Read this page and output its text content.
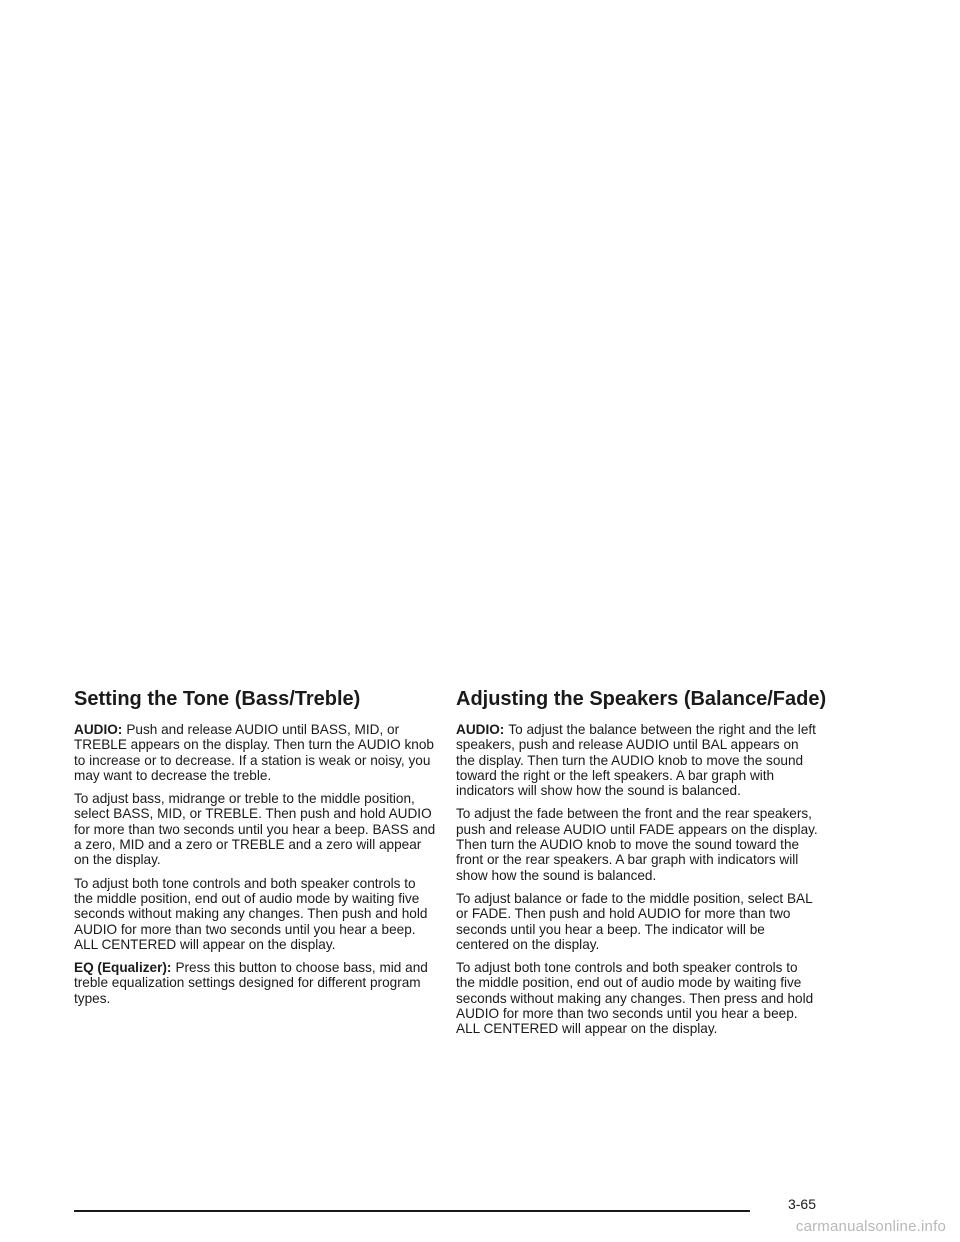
Setting the Tone (Bass/Treble)

AUDIO: Push and release AUDIO until BASS, MID, or TREBLE appears on the display. Then turn the AUDIO knob to increase or to decrease. If a station is weak or noisy, you may want to decrease the treble.

To adjust bass, midrange or treble to the middle position, select BASS, MID, or TREBLE. Then push and hold AUDIO for more than two seconds until you hear a beep. BASS and a zero, MID and a zero or TREBLE and a zero will appear on the display.

To adjust both tone controls and both speaker controls to the middle position, end out of audio mode by waiting five seconds without making any changes. Then push and hold AUDIO for more than two seconds until you hear a beep. ALL CENTERED will appear on the display.

EQ (Equalizer): Press this button to choose bass, mid and treble equalization settings designed for different program types.

Adjusting the Speakers (Balance/Fade)

AUDIO: To adjust the balance between the right and the left speakers, push and release AUDIO until BAL appears on the display. Then turn the AUDIO knob to move the sound toward the right or the left speakers. A bar graph with indicators will show how the sound is balanced.

To adjust the fade between the front and the rear speakers, push and release AUDIO until FADE appears on the display. Then turn the AUDIO knob to move the sound toward the front or the rear speakers. A bar graph with indicators will show how the sound is balanced.

To adjust balance or fade to the middle position, select BAL or FADE. Then push and hold AUDIO for more than two seconds until you hear a beep. The indicator will be centered on the display.

To adjust both tone controls and both speaker controls to the middle position, end out of audio mode by waiting five seconds without making any changes. Then press and hold AUDIO for more than two seconds until you hear a beep. ALL CENTERED will appear on the display.

3-65
carmanualsonline.info
